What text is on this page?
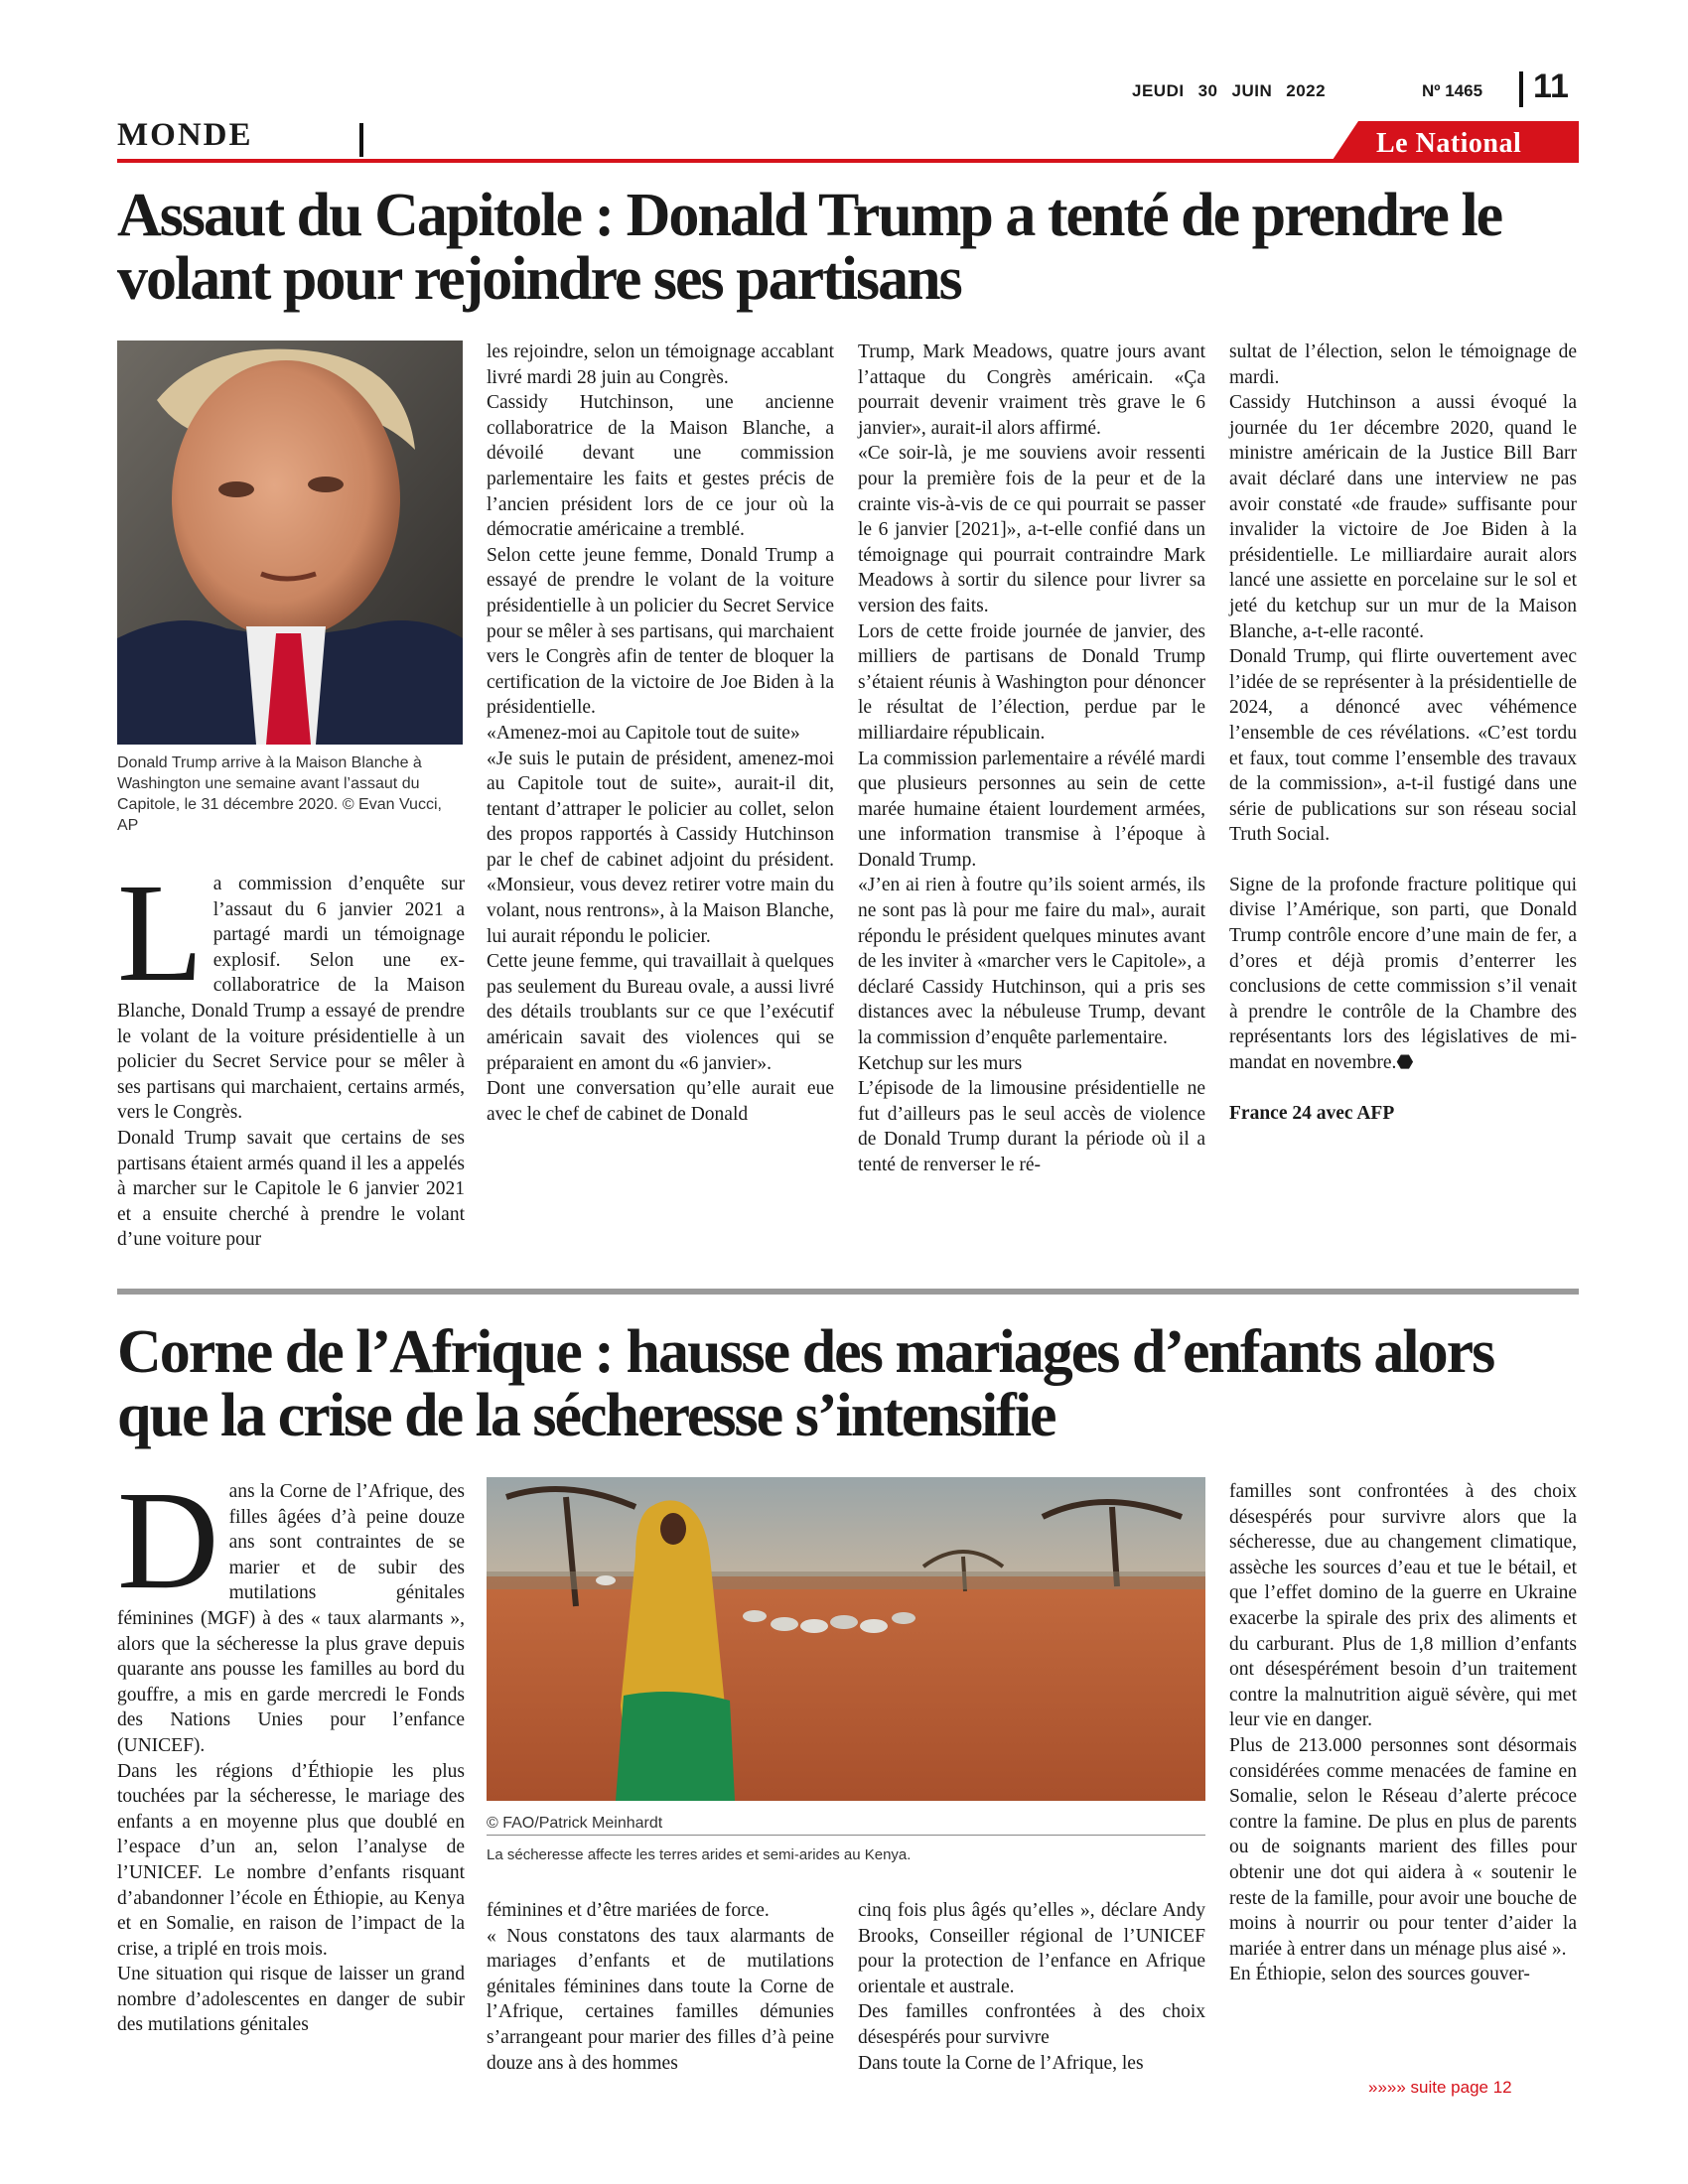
JEUDI 30 JUIN 2022	Nº 1465 11
MONDE	Le National
Assaut du Capitole : Donald Trump a tenté de prendre le volant pour rejoindre ses partisans
Donald Trump arrive à la Maison Blanche à Washington une semaine avant l’assaut du Capitole, le 31 décembre 2020. © Evan Vucci, AP

La commission d’enquête sur l’assaut du 6 janvier 2021 a partagé mardi un témoignage explosif. Selon une ex-collaboratrice de la Maison Blanche, Donald Trump a essayé de prendre le volant de la voiture présidentielle à un policier du Secret Service pour se mêler à ses partisans qui marchaient, certains armés, vers le Congrès.

Donald Trump savait que certains de ses partisans étaient armés quand il les a appelés à marcher sur le Capitole le 6 janvier 2021 et a ensuite cherché à prendre le volant d’une voiture pour

les rejoindre, selon un témoignage accablant livré mardi 28 juin au Congrès.

Cassidy Hutchinson, une ancienne collaboratrice de la Maison Blanche, a dévoilé devant une commission parlementaire les faits et gestes précis de l’ancien président lors de ce jour où la démocratie américaine a tremblé.

Selon cette jeune femme, Donald Trump a essayé de prendre le volant de la voiture présidentielle à un policier du Secret Service pour se mêler à ses partisans, qui marchaient vers le Congrès afin de tenter de bloquer la certification de la victoire de Joe Biden à la présidentielle.

«Amenez-moi au Capitole tout de suite»

«Je suis le putain de président, amenez-moi au Capitole tout de suite», aurait-il dit, tentant d’attraper le policier au collet, selon des propos rapportés à Cassidy Hutchinson par le chef de cabinet adjoint du président. «Monsieur, vous devez retirer votre main du volant, nous rentrons», à la Maison Blanche, lui aurait répondu le policier.

Cette jeune femme, qui travaillait à quelques pas seulement du Bureau ovale, a aussi livré des détails troublants sur ce que l’exécutif américain savait des violences qui se préparaient en amont du «6 janvier».

Dont une conversation qu’elle aurait eue avec le chef de cabinet de Donald

Trump, Mark Meadows, quatre jours avant l’attaque du Congrès américain. «Ça pourrait devenir vraiment très grave le 6 janvier», aurait-il alors affirmé.

«Ce soir-là, je me souviens avoir ressenti pour la première fois de la peur et de la crainte vis-à-vis de ce qui pourrait se passer le 6 janvier [2021]», a-t-elle confié dans un témoignage qui pourrait contraindre Mark Meadows à sortir du silence pour livrer sa version des faits.

Lors de cette froide journée de janvier, des milliers de partisans de Donald Trump s’étaient réunis à Washington pour dénoncer le résultat de l’élection, perdue par le milliardaire républicain.

La commission parlementaire a révélé mardi que plusieurs personnes au sein de cette marée humaine étaient lourdement armées, une information transmise à l’époque à Donald Trump.

«J’en ai rien à foutre qu’ils soient armés, ils ne sont pas là pour me faire du mal», aurait répondu le président quelques minutes avant de les inviter à «marcher vers le Capitole», a déclaré Cassidy Hutchinson, qui a pris ses distances avec la nébuleuse Trump, devant la commission d’enquête parlementaire.

Ketchup sur les murs

L’épisode de la limousine présidentielle ne fut d’ailleurs pas le seul accès de violence de Donald Trump durant la période où il a tenté de renverser le ré-

sultat de l’élection, selon le témoignage de mardi.

Cassidy Hutchinson a aussi évoqué la journée du 1er décembre 2020, quand le ministre américain de la Justice Bill Barr avait déclaré dans une interview ne pas avoir constaté «de fraude» suffisante pour invalider la victoire de Joe Biden à la présidentielle. Le milliardaire aurait alors lancé une assiette en porcelaine sur le sol et jeté du ketchup sur un mur de la Maison Blanche, a-t-elle raconté.

Donald Trump, qui flirte ouvertement avec l’idée de se représenter à la présidentielle de 2024, a dénoncé avec véhémence l’ensemble de ces révélations. «C’est tordu et faux, tout comme l’ensemble des travaux de la commission», a-t-il fustigé dans une série de publications sur son réseau social Truth Social.

Signe de la profonde fracture politique qui divise l’Amérique, son parti, que Donald Trump contrôle encore d’une main de fer, a d’ores et déjà promis d’enterrer les conclusions de cette commission s’il venait à prendre le contrôle de la Chambre des représentants lors des législatives de mi-mandat en novembre.⬣

France 24 avec AFP

Corne de l’Afrique : hausse des mariages d’enfants alors que la crise de la sécheresse s’intensifie

Dans la Corne de l’Afrique, des filles âgées d’à peine douze ans sont contraintes de se marier et de subir des mutilations génitales féminines (MGF) à des « taux alarmants », alors que la sécheresse la plus grave depuis quarante ans pousse les familles au bord du gouffre, a mis en garde mercredi le Fonds des Nations Unies pour l’enfance (UNICEF).

Dans les régions d’Éthiopie les plus touchées par la sécheresse, le mariage des enfants a en moyenne plus que doublé en l’espace d’un an, selon l’analyse de l’UNICEF. Le nombre d’enfants risquant d’abandonner l’école en Éthiopie, au Kenya et en Somalie, en raison de l’impact de la crise, a triplé en trois mois.

Une situation qui risque de laisser un grand nombre d’adolescentes en danger de subir des mutilations génitales

© FAO/Patrick Meinhardt
La sécheresse affecte les terres arides et semi-arides au Kenya.

féminines et d’être mariées de force.

« Nous constatons des taux alarmants de mariages d’enfants et de mutilations génitales féminines dans toute la Corne de l’Afrique, certaines familles démunies s’arrangeant pour marier des filles d’à peine douze ans à des hommes

cinq fois plus âgés qu’elles », déclare Andy Brooks, Conseiller régional de l’UNICEF pour la protection de l’enfance en Afrique orientale et australe.

Des familles confrontées à des choix désespérés pour survivre

Dans toute la Corne de l’Afrique, les

familles sont confrontées à des choix désespérés pour survivre alors que la sécheresse, due au changement climatique, assèche les sources d’eau et tue le bétail, et que l’effet domino de la guerre en Ukraine exacerbe la spirale des prix des aliments et du carburant. Plus de 1,8 million d’enfants ont désespérément besoin d’un traitement contre la malnutrition aiguë sévère, qui met leur vie en danger.

Plus de 213.000 personnes sont désormais considérées comme menacées de famine en Somalie, selon le Réseau d’alerte précoce contre la famine. De plus en plus de parents ou de soignants marient des filles pour obtenir une dot qui aidera à « soutenir le reste de la famille, pour avoir une bouche de moins à nourrir ou pour tenter d’aider la mariée à entrer dans un ménage plus aisé ».

En Éthiopie, selon des sources gouver-

»»»» suite page 12
